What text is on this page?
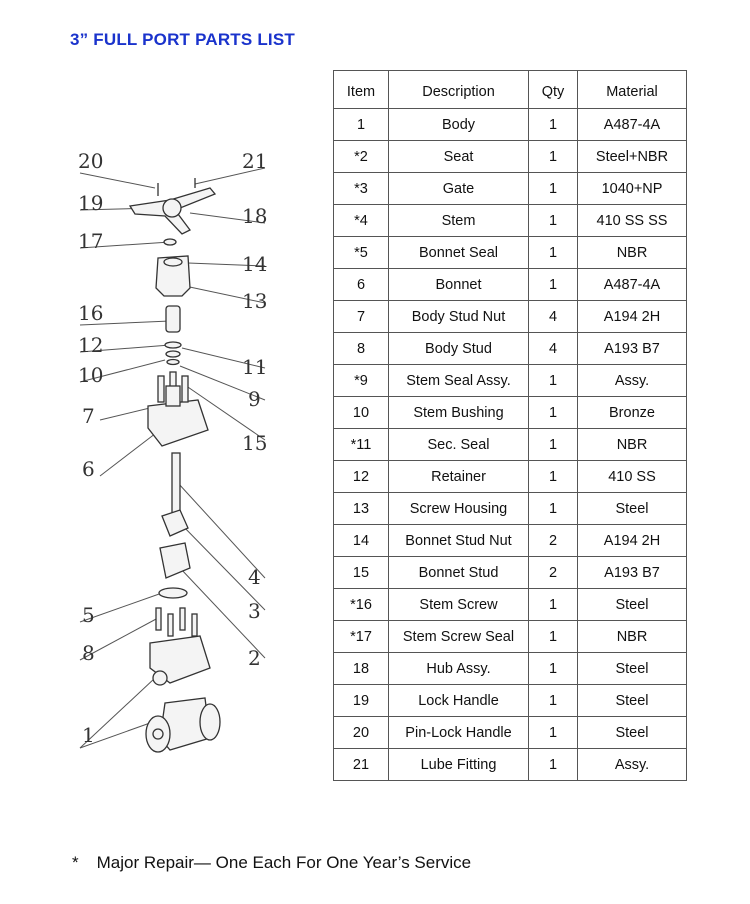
3” FULL PORT PARTS LIST
20	21
19
18
17
14
13
16
12
11
10
9
7
15
6
4
5	3
8	2
1
Item	Description	Qty	Material
1	Body	1	A487-4A
*2	Seat	1	Steel+NBR
*3	Gate	1	1040+NP
*4	Stem	1	410 SS SS
*5	Bonnet Seal	1	NBR
6	Bonnet	1	A487-4A
7	Body Stud Nut	4	A194 2H
8	Body Stud	4	A193 B7
*9	Stem Seal Assy.	1	Assy.
10	Stem Bushing	1	Bronze
*11	Sec. Seal	1	NBR
12	Retainer	1	410 SS
13	Screw Housing	1	Steel
14	Bonnet Stud Nut	2	A194 2H
15	Bonnet Stud	2	A193 B7
*16	Stem Screw	1	Steel
*17	Stem Screw Seal	1	NBR
18	Hub Assy.	1	Steel
19	Lock Handle	1	Steel
20	Pin-Lock Handle	1	Steel
21	Lube Fitting	1	Assy.
* Major Repair— One Each For One Year’s Service
